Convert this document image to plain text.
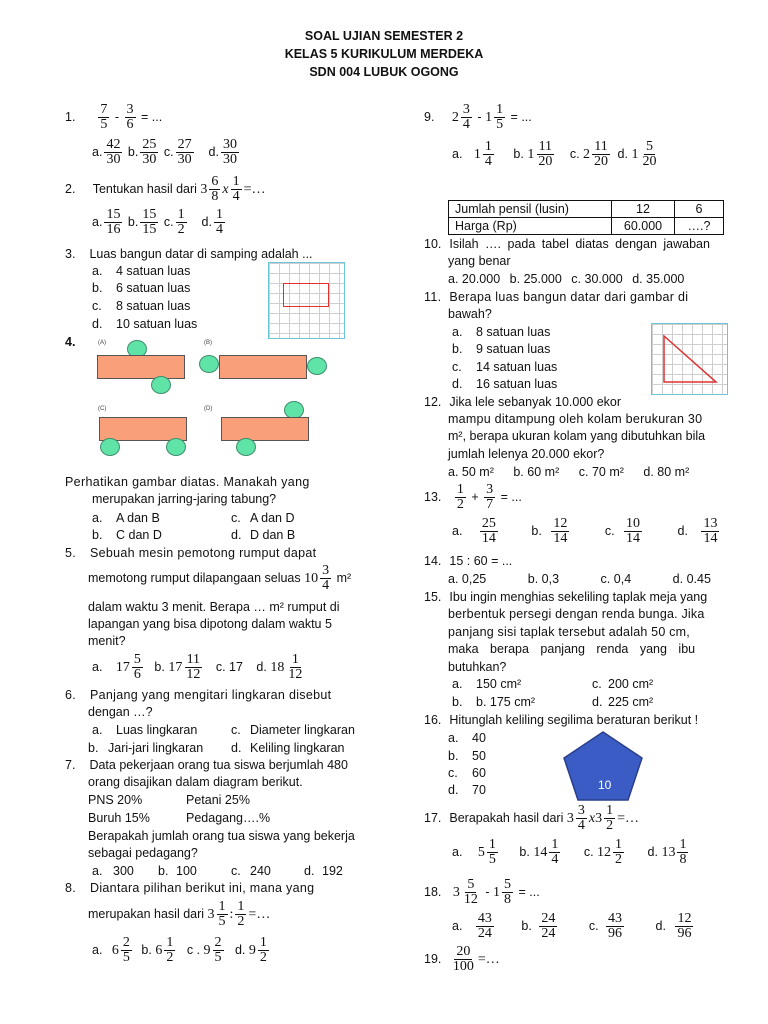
SOAL UJIAN SEMESTER 2
KELAS 5 KURIKULUM MERDEKA
SDN 004 LUBUK OGONG
1. $\frac{7}{5} - \frac{3}{6}$ = ...
a. $\frac{42}{30} b$. $\frac{25}{30} c$. $\frac{27}{30} d$. $\frac{30}{30}$
2. Tentukan hasil dari $3 \frac{6}{8}$ x $\frac{1}{4}$ =…
a. $\frac{15}{16} b$. $\frac{15}{15} c$. $\frac{1}{2} d$. $\frac{1}{4}$
3. Luas bangun datar di samping adalah ...
a. 4 satuan luas
b. 6 satuan luas
c. 8 satuan luas
d. 10 satuan luas
4.	(A)	(B)
(C)	(D)
Perhatikan gambar diatas. Manakah yang
merupakan jarring-jaring tabung?
a. A dan B	c. A dan D
b. C dan D	d. D dan B
5. Sebuah mesin pemotong rumput dapat
memotong rumput dilapangaan seluas $10 \frac{3}{4} m^2$
dalam waktu 3 menit. Berapa … m² rumput di
lapangan yang bisa dipotong dalam waktu 5
menit?
a. $17 \frac{5}{6} b$. $17 \frac{11}{12} c$. 17 d. $18 \frac{1}{12}$
6. Panjang yang mengitari lingkaran disebut
dengan …?
a. Luas lingkaran	c. Diameter lingkaran
b. Jari-jari lingkaran d. Keliling lingkaran
7. Data pekerjaan orang tua siswa berjumlah 480
orang disajikan dalam diagram berikut.
PNS 20%	Petani 25%
Buruh 15%	Pedagang….%
Berapakah jumlah orang tua siswa yang bekerja
sebagai pedagang?
a. 300 b. 100	c. 240	d. 192
8. Diantara pilihan berikut ini, mana yang
merupakan hasil dari $3 \frac{1}{5}$ : $\frac{1}{2}$ =…
a. $6 \frac{2}{5} b$. $6 \frac{1}{2}$ c . $9 \frac{2}{5} d$. $9 \frac{1}{2}$
9. $2 \frac{3}{4} - 1 \frac{1}{5}$ = ...
a. $1 \frac{1}{4} b$. $1 \frac{11}{20} c$. $2 \frac{11}{20} d$. $1 \frac{5}{20}$
Jumlah pensil (lusin)	12	6
Harga (Rp)	60.000	….?
10. Isilah …. pada tabel diatas dengan jawaban
yang benar
a. 20.000 b. 25.000 c. 30.000 d. 35.000
11. Berapa luas bangun datar dari gambar di
bawah?
a. 8 satuan luas
b. 9 satuan luas
c. 14 satuan luas
d. 16 satuan luas
12. Jika lele sebanyak 10.000 ekor
mampu ditampung oleh kolam berukuran 30
m², berapa ukuran kolam yang dibutuhkan bila
jumlah lelenya 20.000 ekor?
a. 50 m² b. 60 m² c. 70 m² d. 80 m²
13. $\frac{1}{2} + \frac{3}{7}$ = ...
a. $\frac{25}{14}$	b. $\frac{12}{14}$	c. $\frac{10}{14}$	d. $\frac{13}{14}$
14. 15 : 60 = ...
a. 0,25	b. 0,3	c. 0,4	d. 0.45
15. Ibu ingin menghias sekeliling taplak meja yang
berbentuk persegi dengan renda bunga. Jika
panjang sisi taplak tersebut adalah 50 cm,
maka berapa panjang renda yang ibu
butuhkan?
a. 150 cm²	c. 200 cm²
b. b. 175 cm²	d. 225 cm²
16. Hitunglah keliling segilima beraturan berikut !
a. 40
b. 50
c. 60
d. 70	10
17. Berapakah hasil dari $3 \frac{3}{4} x3 \frac{1}{2}$ =…
a. $5 \frac{1}{5} b$. $14 \frac{1}{4} c$. $12 \frac{1}{2} d$. $13 \frac{1}{8}$
18. $3 \frac{5}{12} - 1 \frac{5}{8}$ = ...
a. $\frac{43}{24} b$. $\frac{24}{24}$	c. $\frac{43}{96}$	d. $\frac{12}{96}$
19. $\frac{20}{100}$ =…
